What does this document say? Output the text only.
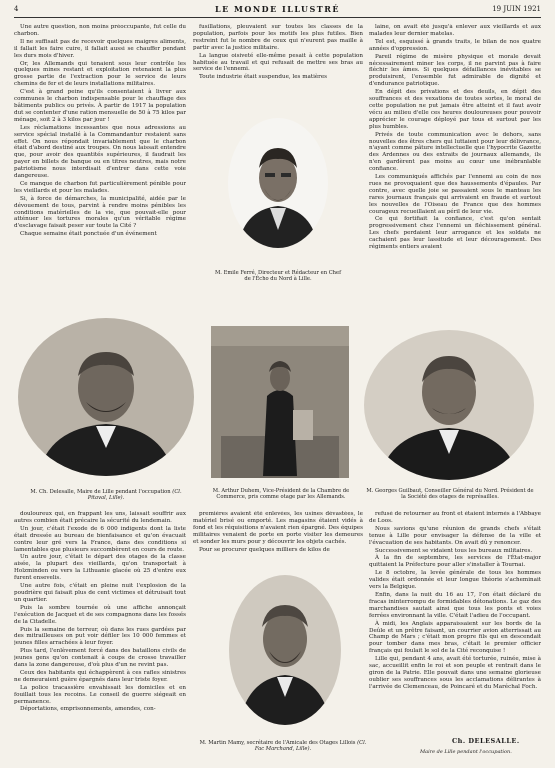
4	LE MONDE ILLUSTRÉ	19 JUIN 1921

Une autre question, non moins préoccupante, fut celle du charbon.

Il ne suffisait pas de recevoir quelques maigres aliments, il fallait les faire cuire, il fallait aussi se chauffer pendant les durs mois d'hiver.

Or, les Allemands qui tenaient sous leur contrôle les quelques mines restant et exploitation retenaient la plus grosse partie de l'extraction pour le service de leurs chemins de fer et de leurs installations militaires.

C'est à grand peine qu'ils consentaient à livrer aux communes le charbon indispensable pour le chauffage des bâtiments publics ou privés. À partir de 1917 la population dut se contenter d'une ration mensuelle de 50 à 75 kilos par ménage, soit 2 à 3 kilos par jour !

Les réclamations incessantes que nous adressions au service spécial installé à la Commandantur restaient sans effet. On nous répondait invariablement que le charbon était d'abord destiné aux troupes. On nous laissait entendre que, pour avoir des quantités supérieures, il faudrait les payer en billets de banque ou en titres neutres, mais notre patriotisme nous interdisait d'entrer dans cette voie dangereuse.

Ce manque de charbon fut particulièrement pénible pour les vieillards et pour les malades.

Si, à force de démarches, la municipalité, aidée par le dévouement de tous, parvint à rendre moins pénibles les conditions matérielles de la vie, que pouvait-elle pour atténuer les tortures morales qu'un véritable régime d'esclavage faisait peser sur toute la Cité ?

Chaque semaine était ponctuée d'un événement

fusillations, pleuvaient sur toutes les classes de la population, parfois pour les motifs les plus futiles. Bien restreint fut le nombre de ceux qui n'eurent pas maille à partir avec la justice militaire.

La langue oisiveté elle-même pesait à cette population habituée au travail et qui refusait de mettre ses bras au service de l'ennemi.

Toute industrie était suspendue, les matières

laine, on avait été jusqu'à enlever aux vieillards et aux malades leur dernier matelas.

Tel est, esquissé à grands traits, le bilan de nos quatre années d'oppression.

Pareil régime de misère physique et morale devait nécessairement miner les corps, il ne parvint pas à faire fléchir les âmes. Si quelques défaillances inévitables se produisirent, l'ensemble fut admirable de dignité et d'endurance patriotique.

En dépit des privations et des deuils, en dépit des souffrances et des vexations de toutes sortes, le moral de cette population ne put jamais être atteint et il faut avoir vécu au milieu d'elle ces heures douloureuses pour pouvoir apprécier le courage déployé par tous et surtout par les plus humbles.

Privés de toute communication avec le dehors, sans nouvelles des êtres chers qui luttaient pour leur délivrance, n'ayant comme pâture intellectuelle que l'hypocrite Gazette des Ardennes ou des extraits de journaux allemands, ils n'en gardèrent pas moins au cœur une inébranlable confiance.

Les communiqués affichés par l'ennemi au coin de nos rues ne provoquaient que des haussements d'épaules. Par contre, avec quelle joie se passaient sous le manteau les rares journaux français qui arrivaient en fraude et surtout les nouvelles de l'Oiseau de France que des hommes courageux recueillaient au péril de leur vie.

Ce qui fortifiait la confiance, c'est qu'on sentait progressivement chez l'ennemi un fléchissement général. Les chefs perdaient leur arrogance et les soldats ne cachaient pas leur lassitude et leur découragement. Des régiments entiers avaient

M. Emile Ferré, Directeur et Rédacteur en Chef de l'Écho du Nord à Lille.
M. Ch. Delesalle, Maire de Lille pendant l'occupation (Cl. Pitaval, Lille).
M. Arthur Duhem, Vice-Président de la Chambre de Commerce, pris comme otage par les Allemands.
M. Georges Guilbaut, Conseiller Général du Nord. Président de la Société des otages de représailles.

douloureux qui, en frappant les uns, laissait souffrir aux autres combien était précaire la sécurité du lendemain.

Un jour, c'était l'exode de 6 000 indigents dont la liste était dressée au bureau de bienfaisance et qu'on évacuait contre leur gré vers la France, dans des conditions si lamentables que plusieurs succombèrent en cours de route.

Un autre jour, c'était le départ des otages de la classe aisée, la plupart des vieillards, qu'on transportait à Holzminden ou vers la Lithuanie glacée où 25 d'entre eux furent ensevelis.

Une autre fois, c'était en pleine nuit l'explosion de la poudrière qui faisait plus de cent victimes et détruisait tout un quartier.

Puis la sombre tournée où une affiche annonçait l'exécution de Jacquet et de ses compagnons dans les fossés de la Citadelle.

Puis la semaine de terreur, où dans les rues gardées par des mitrailleuses on put voir défiler les 10 000 femmes et jeunes filles arrachées à leur foyer.

Plus tard, l'enlèvement forcé dans des bataillons civils de jeunes gens qu'on contenait à coups de crosse travailler dans la zone dangereuse, d'où plus d'un ne revint pas.

Ceux des habitants qui échappèrent à ces rafles sinistres ne demeuraient guère épargnés dans leur triste foyer.

La police tracassière envahissait les domiciles et en fouillait tous les recoins. Le conseil de guerre siégeait en permanence.

Déportations, emprisonnements, amendes, con-

premières avaient été enlevées, les usines dévastées, le matériel brisé ou emporté. Les magasins étaient vidés à fond et les réquisitions n'avaient rien épargné. Des équipes militaires venaient de porte en porte visiter les demeures et sonder les murs pour y découvrir les objets cachés.

Pour se procurer quelques milliers de kilos de

refusé de retourner au front et étaient internés à l'Abbaye de Loos.

Nous savions qu'une réunion de grands chefs s'était tenue à Lille pour envisager la défense de la ville et l'évacuation de ses habitants. On avait dû y renoncer.

Successivement se vidaient tous les bureaux militaires.

À la fin de septembre, les services de l'État-major quittaient la Préfecture pour aller s'installer à Tournai.

Le 8 octobre, la levée générale de tous les hommes valides était ordonnée et leur longue théorie s'acheminait vers la Belgique.

Enfin, dans la nuit du 16 au 17, l'on était déclaré du fracas ininterrompu de formidables détonations. Le gaz des marchandises sautait ainsi que tous les ponts et voies ferrées environnant la ville. C'était l'adieu de l'occupant.

À midi, les Anglais apparaissaient sur les bords de la Deûle et un prêtre faisant, un courrier avion atterrissait au Champ de Mars ; c'était mon propre fils qui en descendait pour tomber dans mes bras, c'était le premier officier français qui foulait le sol de la Cité reconquise !

Lille qui, pendant 4 ans, avait été torturée, ruinée, mise à sac, accueillit enfin le roi et son peuple et rentrait dans le giron de la Patrie. Elle pouvait dans une semaine glorieuse oublier ses souffrances sous les acclamations délirantes à l'arrivée de Clemenceau, de Poincaré et du Maréchal Foch.

Ch. DELESALLE.
Maire de Lille pendant l'occupation.
M. Martin Mamy, secrétaire de l'Amicale des Otages Lillois (Cl. Fac Marchand, Lille).
